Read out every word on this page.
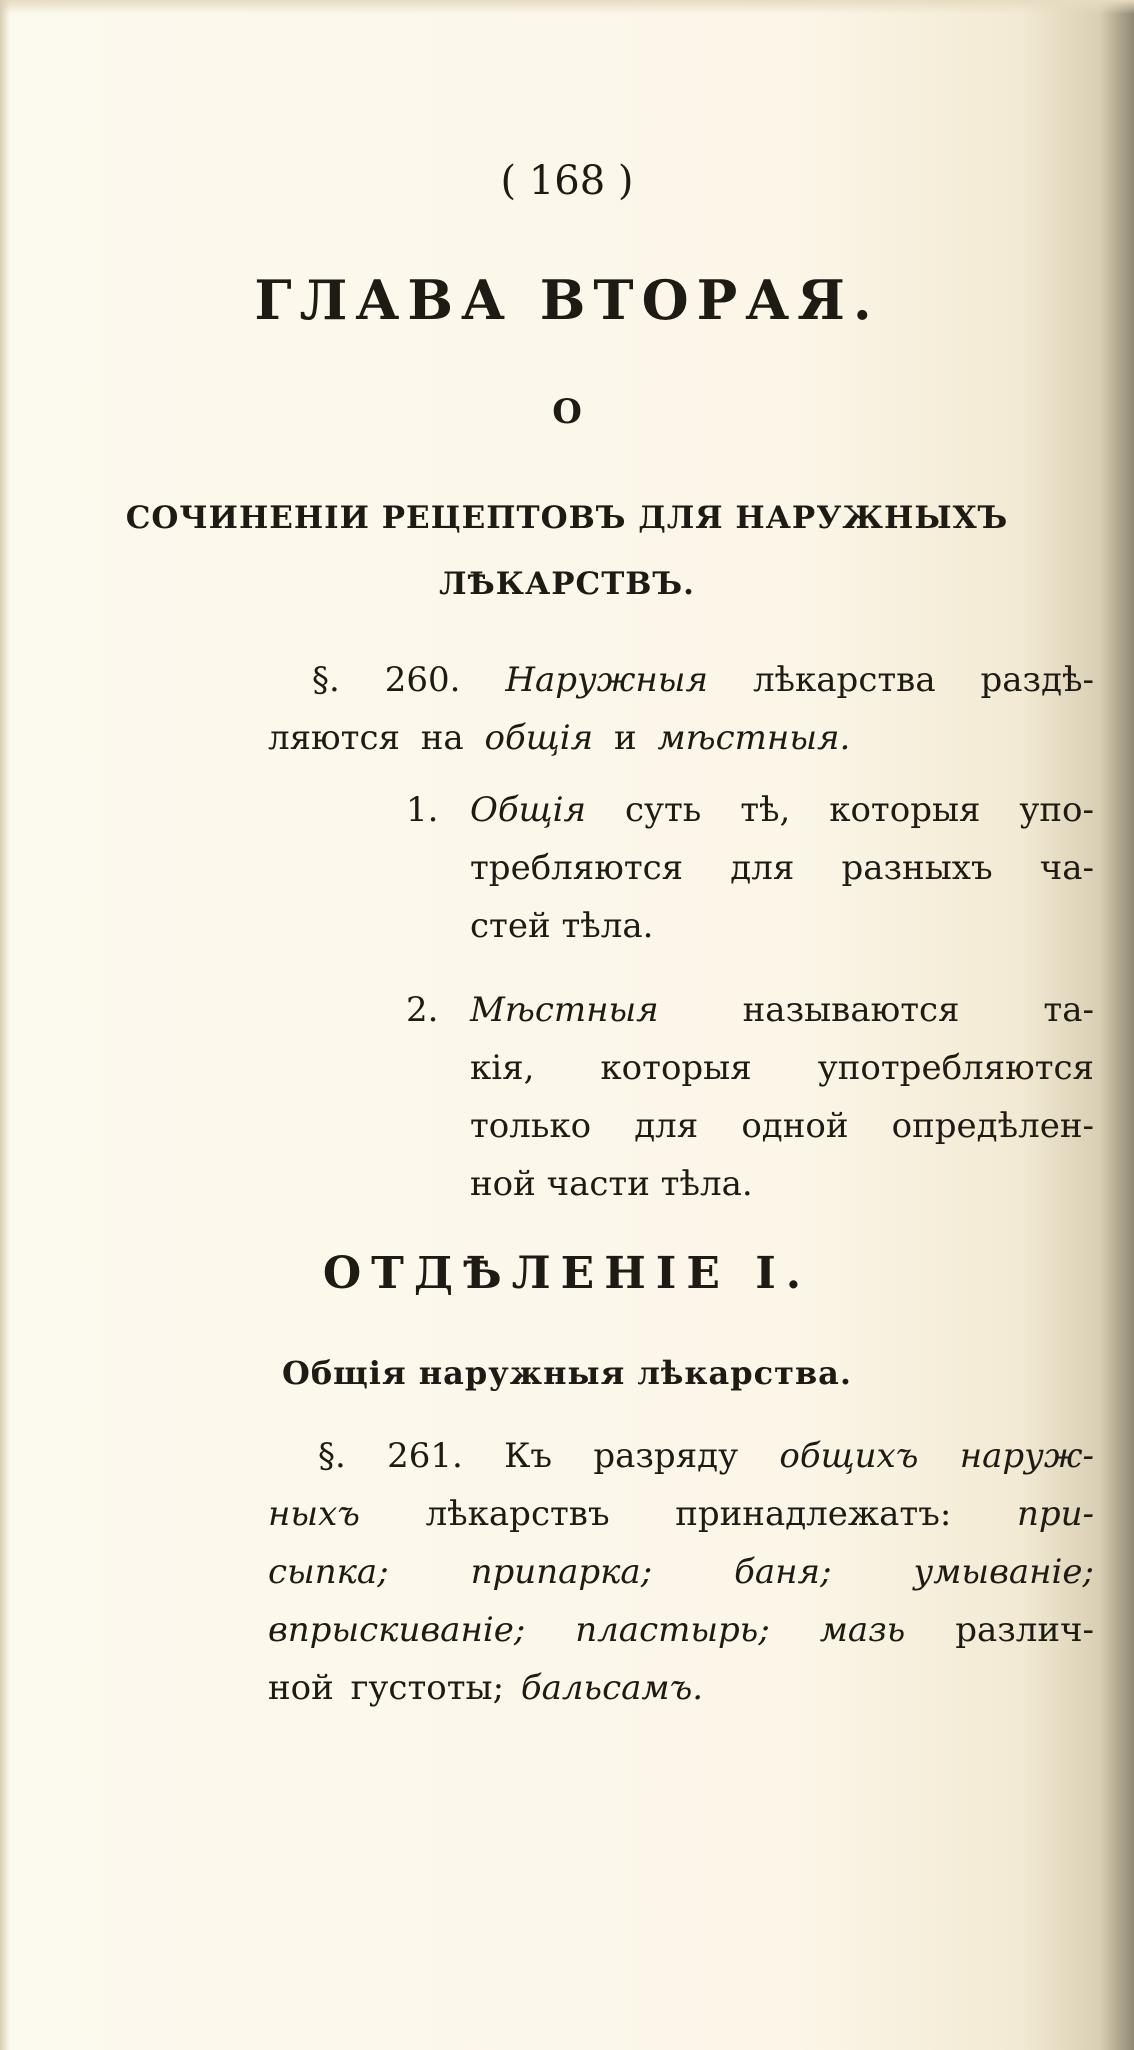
( 168 )
ГЛАВА ВТОРАЯ.
О
СОЧИНЕНІИ РЕЦЕПТОВЪ ДЛЯ НАРУЖНЫХЪ
ЛѢКАРСТВЪ.
§. 260. Наружныя лѣкарства раздѣ-
ляются на общія и мѣстныя.
1. Общія суть тѣ, которыя упо-
требляются для разныхъ ча-
стей тѣла.
2. Мѣстныя называются та-
кія, которыя употребляются
только для одной опредѣлен-
ной части тѣла.
ОТДѢЛЕНІЕ I.
Общія наружныя лѣкарства.
§. 261. Къ разряду общихъ наруж-
ныхъ лѣкарствъ принадлежатъ: при-
сыпка; припарка; баня; умываніе;
впрыскиваніе; пластырь; мазь различ-
ной густоты; бальсамъ.
